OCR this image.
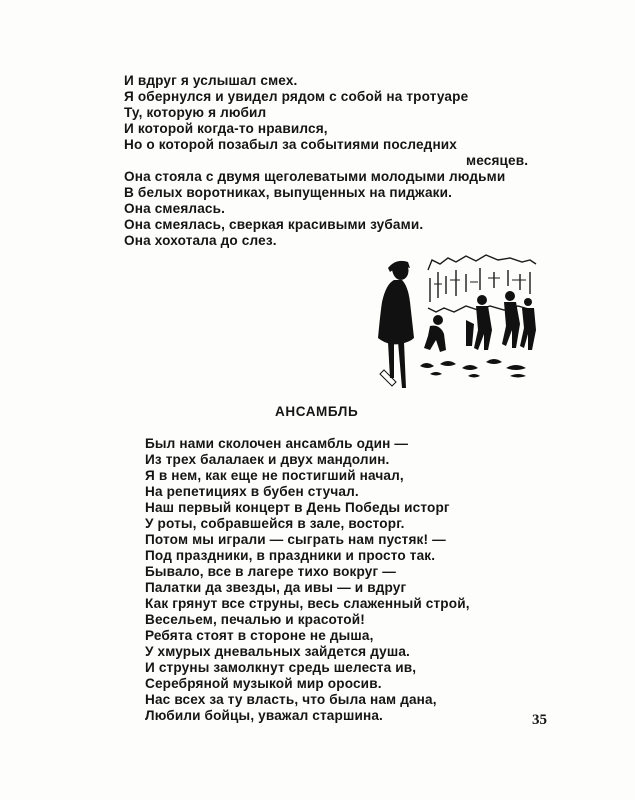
И вдруг я услышал смех.

Я обернулся и увидел рядом с собой на тротуаре

Ту, которую я любил

И которой когда-то нравился,

Но о которой позабыл за событиями последних

месяцев.

Она стояла с двумя щеголеватыми молодыми людьми

В белых воротниках, выпущенных на пиджаки.

Она смеялась.

Она смеялась, сверкая красивыми зубами.

Она хохотала до слез.

АНСАМБЛЬ

Был нами сколочен ансамбль один —

Из трех балалаек и двух мандолин.

Я в нем, как еще не постигший начал,

На репетициях в бубен стучал.

Наш первый концерт в День Победы исторг

У роты, собравшейся в зале, восторг.

Потом мы играли — сыграть нам пустяк! —

Под праздники, в праздники и просто так.

Бывало, все в лагере тихо вокруг —

Палатки да звезды, да ивы — и вдруг

Как грянут все струны, весь слаженный строй,

Весельем, печалью и красотой!

Ребята стоят в стороне не дыша,

У хмурых дневальных зайдется душа.

И струны замолкнут средь шелеста ив,

Серебряной музыкой мир оросив.

Нас всех за ту власть, что была нам дана,

Любили бойцы, уважал старшина.	35
